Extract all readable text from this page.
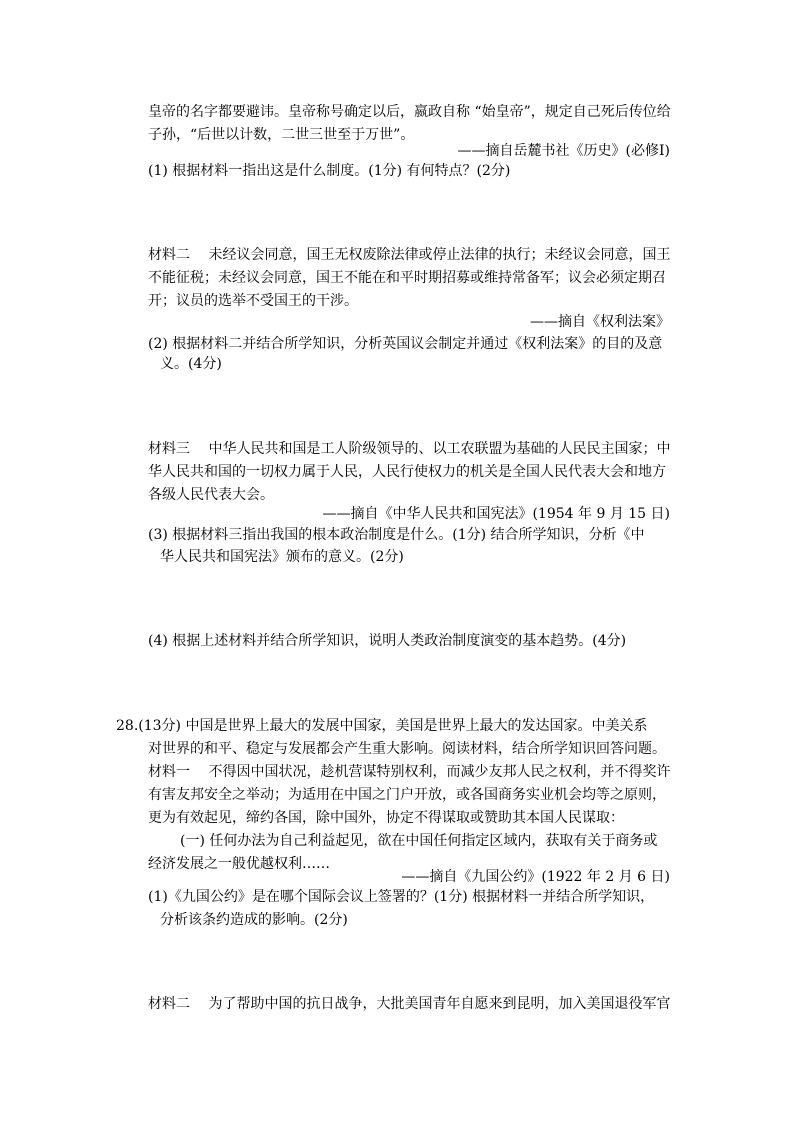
皇帝的名字都要避讳。皇帝称号确定以后，嬴政自称 “始皇帝”，规定自己死后传位给
子孙，“后世以计数，二世三世至于万世”。
——摘自岳麓书社《历史》(必修Ⅰ)
(1) 根据材料一指出这是什么制度。(1分) 有何特点？(2分)
材料二　 未经议会同意，国王无权废除法律或停止法律的执行；未经议会同意，国王
不能征税；未经议会同意，国王不能在和平时期招募或维持常备军；议会必须定期召
开；议员的选举不受国王的干涉。
——摘自《权利法案》
(2) 根据材料二并结合所学知识，分析英国议会制定并通过《权利法案》的目的及意
义。(4分)
材料三　 中华人民共和国是工人阶级领导的、以工农联盟为基础的人民民主国家；中
华人民共和国的一切权力属于人民，人民行使权力的机关是全国人民代表大会和地方
各级人民代表大会。
——摘自《中华人民共和国宪法》(1954 年 9 月 15 日)
(3) 根据材料三指出我国的根本政治制度是什么。(1分) 结合所学知识，分析《中
华人民共和国宪法》颁布的意义。(2分)
(4) 根据上述材料并结合所学知识，说明人类政治制度演变的基本趋势。(4分)
28.(13分) 中国是世界上最大的发展中国家，美国是世界上最大的发达国家。中美关系
对世界的和平、稳定与发展都会产生重大影响。阅读材料，结合所学知识回答问题。
材料一　 不得因中国状况，趁机营谋特别权利，而减少友邦人民之权利，并不得奖许
有害友邦安全之举动；为适用在中国之门户开放，或各国商务实业机会均等之原则，
更为有效起见，缔约各国，除中国外，协定不得谋取或赞助其本国人民谋取：
(一) 任何办法为自己利益起见，欲在中国任何指定区域内，获取有关于商务或
经济发展之一般优越权利……
——摘自《九国公约》(1922 年 2 月 6 日)
(1)《九国公约》是在哪个国际会议上签署的？(1分) 根据材料一并结合所学知识，
分析该条约造成的影响。(2分)
材料二　 为了帮助中国的抗日战争，大批美国青年自愿来到昆明，加入美国退役军官
